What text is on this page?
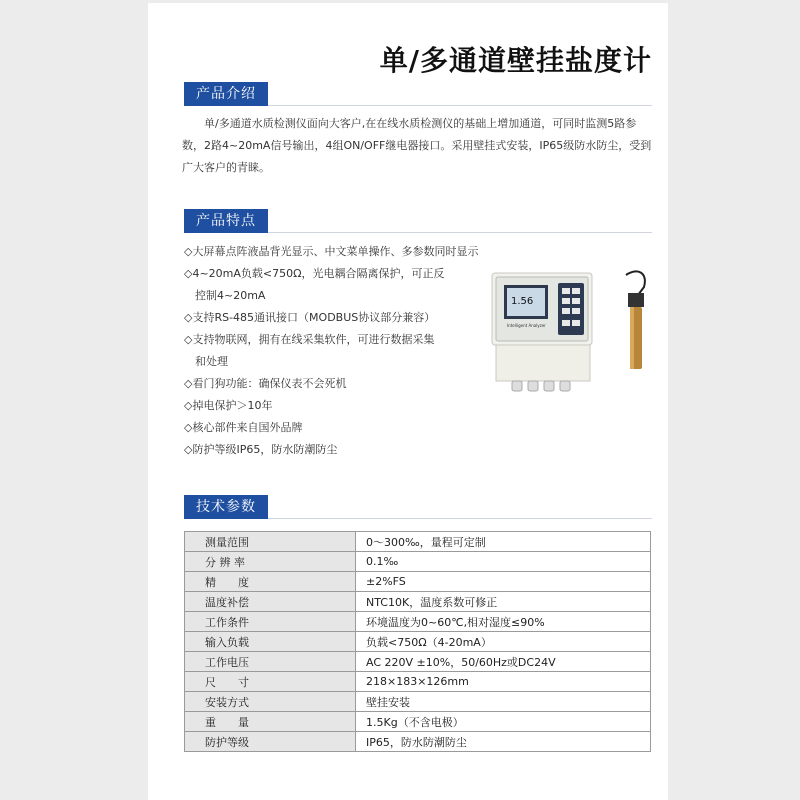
单/多通道壁挂盐度计
产品介绍
单/多通道水质检测仪面向大客户,在在线水质检测仪的基础上增加通道，可同时监测5路参数，2路4~20mA信号输出，4组ON/OFF继电器接口。采用壁挂式安装，IP65级防水防尘，受到广大客户的青睐。
产品特点
◇大屏幕点阵液晶背光显示、中文菜单操作、多参数同时显示
◇4~20mA负载<750Ω，光电耦合隔离保护，可正反
控制4~20mA
◇支持RS-485通讯接口（MODBUS协议部分兼容）
◇支持物联网，拥有在线采集软件，可进行数据采集
和处理
◇看门狗功能：确保仪表不会死机
◇掉电保护＞10年
◇核心部件来自国外品牌
◇防护等级IP65，防水防潮防尘
1.56
Intelligent Analyzer
技术参数
测量范围	0～300‰，量程可定制
分 辨 率	0.1‰
精　　度	±2%FS
温度补偿	NTC10K，温度系数可修正
工作条件	环境温度为0~60℃,相对湿度≤90%
输入负载	负载<750Ω（4-20mA）
工作电压	AC 220V ±10%，50/60Hz或DC24V
尺　　寸	218×183×126mm
安装方式	壁挂安装
重　　量	1.5Kg（不含电极）
防护等级	IP65，防水防潮防尘
